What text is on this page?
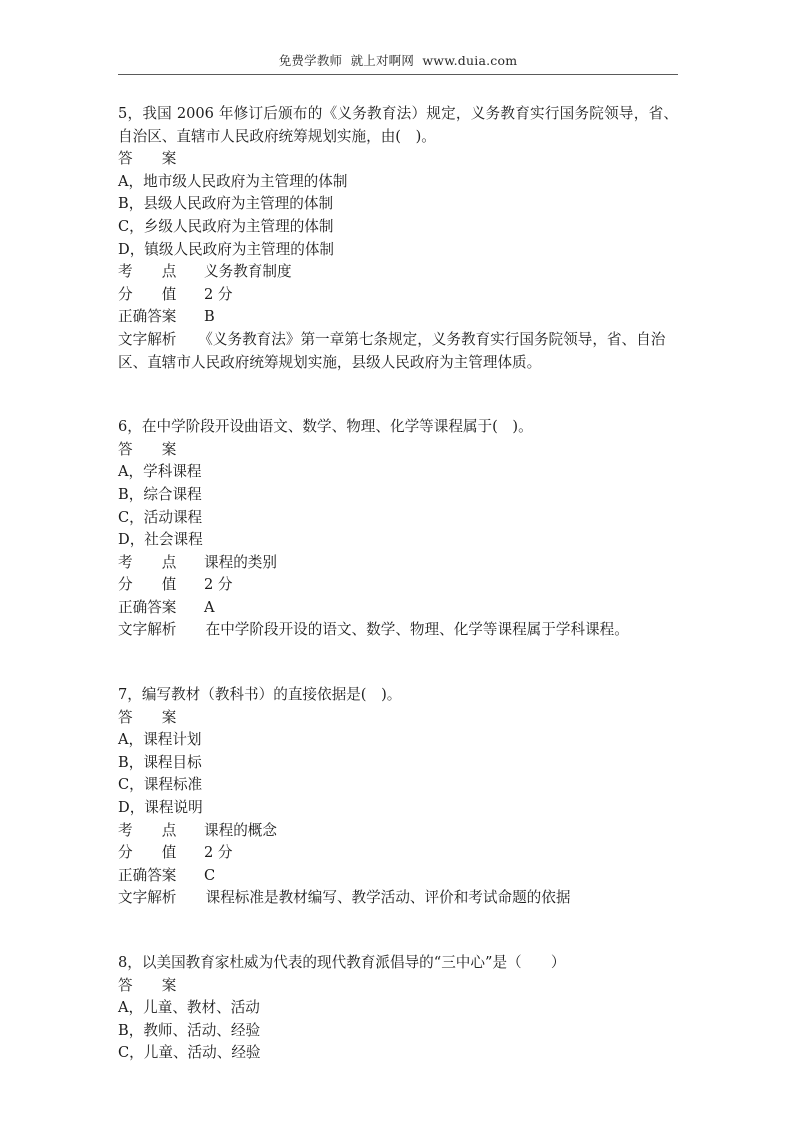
免费学教师  就上对啊网  www.duia.com
5，我国 2006 年修订后颁布的《义务教育法）规定，义务教育实行国务院领导，省、自治区、直辖市人民政府统筹规划实施，由(　)。
答　　案
A，地市级人民政府为主管理的体制
B，县级人民政府为主管理的体制
C，乡级人民政府为主管理的体制
D，镇级人民政府为主管理的体制
考　　点	义务教育制度
分　　值	2 分
正确答案	B
文字解析　　 《义务教育法》第一章第七条规定，义务教育实行国务院领导，省、自治区、直辖市人民政府统筹规划实施，县级人民政府为主管理体质。
6，在中学阶段开设曲语文、数学、物理、化学等课程属于(　)。
答　　案
A，学科课程
B，综合课程
C，活动课程
D，社会课程
考　　点	课程的类别
分　　值	2 分
正确答案	A
文字解析　　 在中学阶段开设的语文、数学、物理、化学等课程属于学科课程。
7，编写教材（教科书）的直接依据是(　)。
答　　案
A，课程计划
B，课程目标
C，课程标准
D，课程说明
考　　点	课程的概念
分　　值	2 分
正确答案	C
文字解析　　 课程标准是教材编写、教学活动、评价和考试命题的依据
8，以美国教育家杜威为代表的现代教育派倡导的“三中心”是（　　）
答　　案
A，儿童、教材、活动
B，教师、活动、经验
C，儿童、活动、经验
